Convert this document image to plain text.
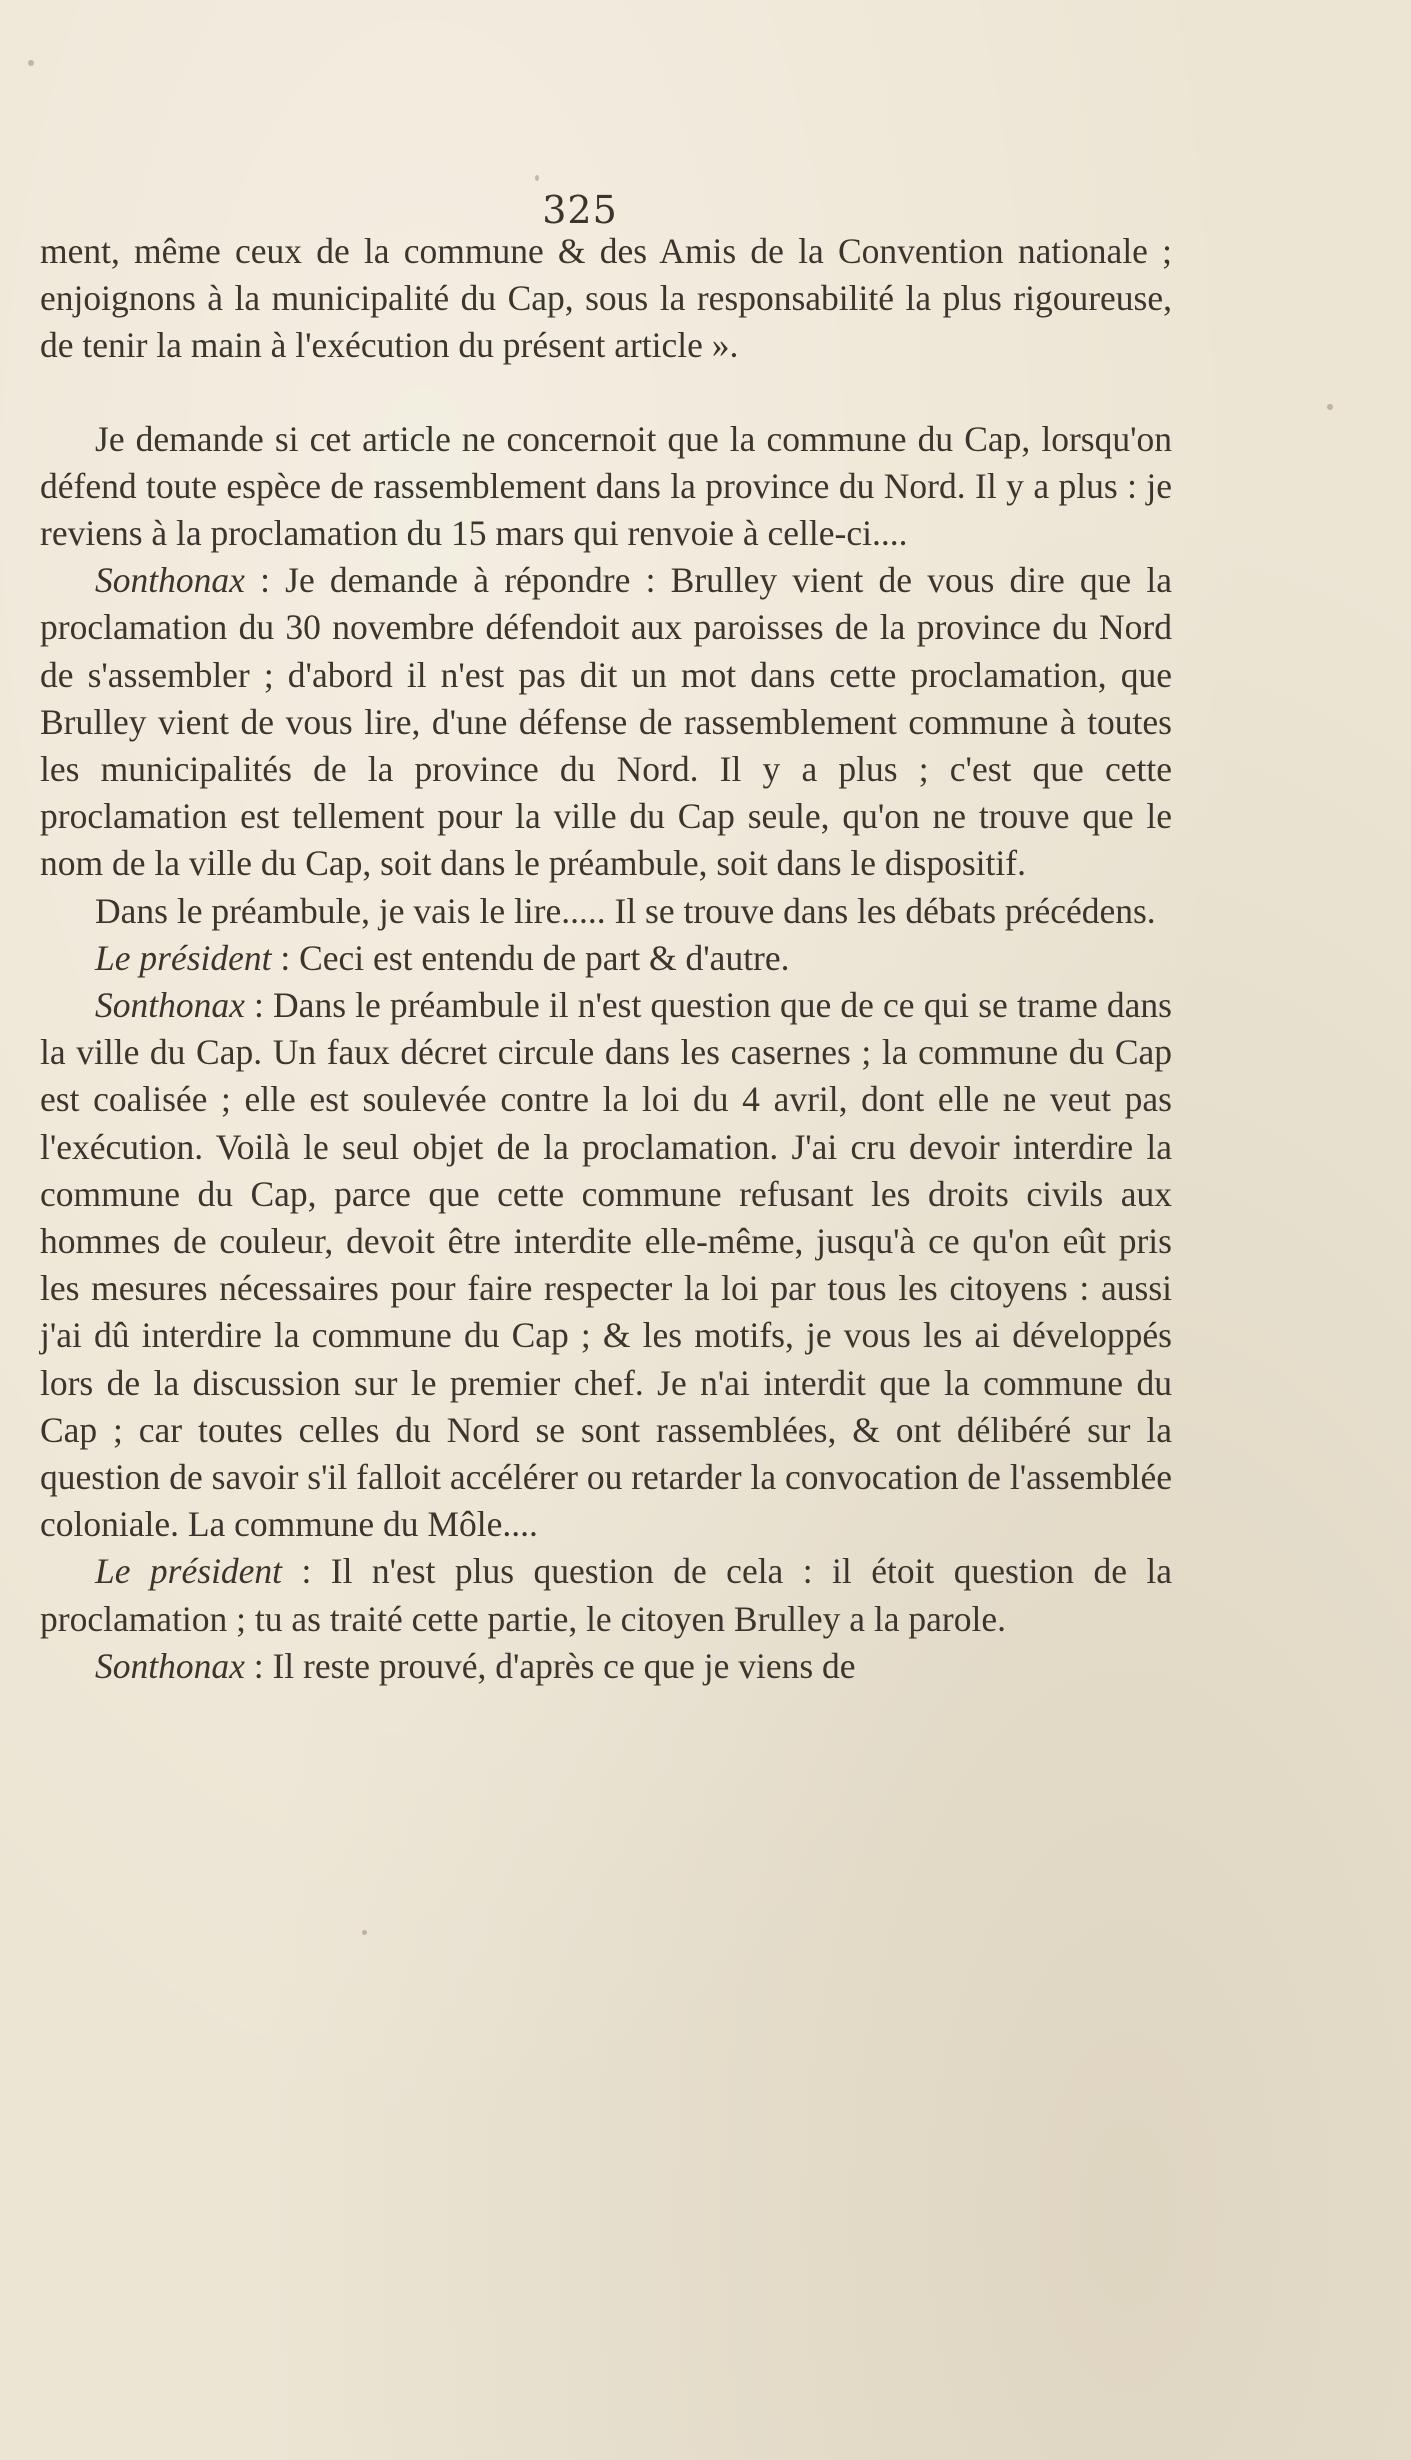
325

ment, même ceux de la commune & des Amis de la Convention nationale ; enjoignons à la municipalité du Cap, sous la responsabilité la plus rigoureuse, de tenir la main à l'exécution du présent article ».

Je demande si cet article ne concernoit que la commune du Cap, lorsqu'on défend toute espèce de rassemblement dans la province du Nord. Il y a plus : je reviens à la proclamation du 15 mars qui renvoie à celle-ci....

Sonthonax : Je demande à répondre : Brulley vient de vous dire que la proclamation du 30 novembre défendoit aux paroisses de la province du Nord de s'assembler ; d'abord il n'est pas dit un mot dans cette proclamation, que Brulley vient de vous lire, d'une défense de rassemblement commune à toutes les municipalités de la province du Nord. Il y a plus ; c'est que cette proclamation est tellement pour la ville du Cap seule, qu'on ne trouve que le nom de la ville du Cap, soit dans le préambule, soit dans le dispositif.

Dans le préambule, je vais le lire..... Il se trouve dans les débats précédens.

Le président : Ceci est entendu de part & d'autre.

Sonthonax : Dans le préambule il n'est question que de ce qui se trame dans la ville du Cap. Un faux décret circule dans les casernes ; la commune du Cap est coalisée ; elle est soulevée contre la loi du 4 avril, dont elle ne veut pas l'exécution. Voilà le seul objet de la proclamation. J'ai cru devoir interdire la commune du Cap, parce que cette commune refusant les droits civils aux hommes de couleur, devoit être interdite elle-même, jusqu'à ce qu'on eût pris les mesures nécessaires pour faire respecter la loi par tous les citoyens : aussi j'ai dû interdire la commune du Cap ; & les motifs, je vous les ai développés lors de la discussion sur le premier chef. Je n'ai interdit que la commune du Cap ; car toutes celles du Nord se sont rassemblées, & ont délibéré sur la question de savoir s'il falloit accélérer ou retarder la convocation de l'assemblée coloniale. La commune du Môle....

Le président : Il n'est plus question de cela : il étoit question de la proclamation ; tu as traité cette partie, le citoyen Brulley a la parole.

Sonthonax : Il reste prouvé, d'après ce que je viens de
